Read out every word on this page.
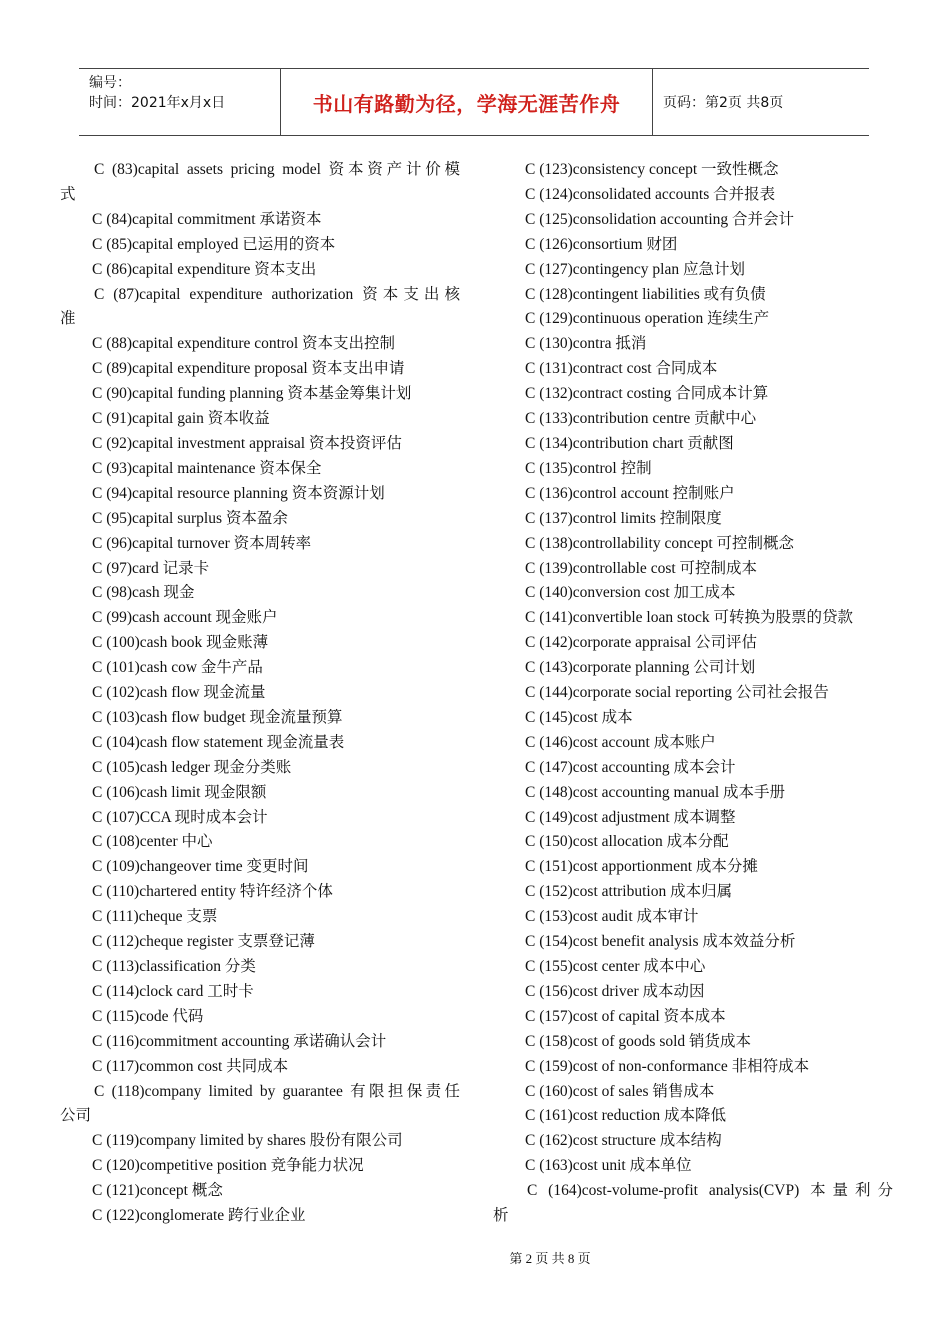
编号：
时间：2021年x月x日	书山有路勤为径，学海无涯苦作舟	页码：第2页 共8页
C (83)capital assets pricing model 资本资产计价模
式
C (84)capital commitment 承诺资本
C (85)capital employed 已运用的资本
C (86)capital expenditure 资本支出
C (87)capital expenditure authorization 资本支出核
准
C (88)capital expenditure control 资本支出控制
C (89)capital expenditure proposal 资本支出申请
C (90)capital funding planning 资本基金筹集计划
C (91)capital gain 资本收益
C (92)capital investment appraisal 资本投资评估
C (93)capital maintenance 资本保全
C (94)capital resource planning 资本资源计划
C (95)capital surplus 资本盈余
C (96)capital turnover 资本周转率
C (97)card 记录卡
C (98)cash 现金
C (99)cash account 现金账户
C (100)cash book 现金账薄
C (101)cash cow 金牛产品
C (102)cash flow 现金流量
C (103)cash flow budget 现金流量预算
C (104)cash flow statement 现金流量表
C (105)cash ledger 现金分类账
C (106)cash limit 现金限额
C (107)CCA 现时成本会计
C (108)center 中心
C (109)changeover time 变更时间
C (110)chartered entity 特许经济个体
C (111)cheque 支票
C (112)cheque register 支票登记薄
C (113)classification 分类
C (114)clock card 工时卡
C (115)code 代码
C (116)commitment accounting 承诺确认会计
C (117)common cost 共同成本
C (118)company limited by guarantee 有限担保责任
公司
C (119)company limited by shares 股份有限公司
C (120)competitive position 竞争能力状况
C (121)concept 概念
C (122)conglomerate 跨行业企业
C (123)consistency concept 一致性概念
C (124)consolidated accounts 合并报表
C (125)consolidation accounting 合并会计
C (126)consortium 财团
C (127)contingency plan 应急计划
C (128)contingent liabilities 或有负债
C (129)continuous operation 连续生产
C (130)contra 抵消
C (131)contract cost 合同成本
C (132)contract costing 合同成本计算
C (133)contribution centre 贡献中心
C (134)contribution chart 贡献图
C (135)control 控制
C (136)control account 控制账户
C (137)control limits 控制限度
C (138)controllability concept 可控制概念
C (139)controllable cost 可控制成本
C (140)conversion cost 加工成本
C (141)convertible loan stock 可转换为股票的贷款
C (142)corporate appraisal 公司评估
C (143)corporate planning 公司计划
C (144)corporate social reporting 公司社会报告
C (145)cost 成本
C (146)cost account 成本账户
C (147)cost accounting 成本会计
C (148)cost accounting manual 成本手册
C (149)cost adjustment 成本调整
C (150)cost allocation 成本分配
C (151)cost apportionment 成本分摊
C (152)cost attribution 成本归属
C (153)cost audit 成本审计
C (154)cost benefit analysis 成本效益分析
C (155)cost center 成本中心
C (156)cost driver 成本动因
C (157)cost of capital 资本成本
C (158)cost of goods sold 销货成本
C (159)cost of non-conformance 非相符成本
C (160)cost of sales 销售成本
C (161)cost reduction 成本降低
C (162)cost structure 成本结构
C (163)cost unit 成本单位
C (164)cost-volume-profit analysis(CVP) 本量利分
析
第 2 页 共 8 页
